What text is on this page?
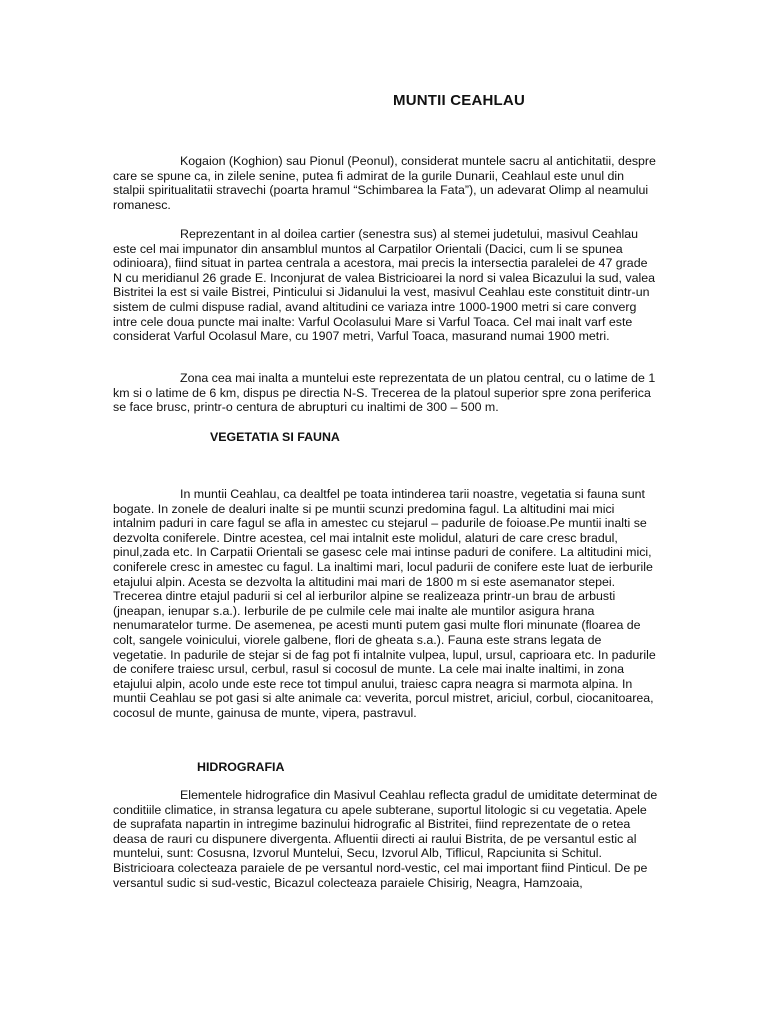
MUNTII CEAHLAU

Kogaion (Koghion) sau Pionul (Peonul), considerat muntele sacru al antichitatii, despre care se spune ca, in zilele senine, putea fi admirat de la gurile Dunarii, Ceahlaul este unul din stalpii spiritualitatii stravechi (poarta hramul “Schimbarea la Fata”), un adevarat Olimp al neamului romanesc.

Reprezentant in al doilea cartier (senestra sus) al stemei judetului, masivul Ceahlau este cel mai impunator din ansamblul muntos al Carpatilor Orientali (Dacici, cum li se spunea odinioara), fiind situat in partea centrala a acestora, mai precis la intersectia paralelei de 47 grade N cu meridianul 26 grade E. Inconjurat de valea Bistricioarei la nord si valea Bicazului la sud, valea Bistritei la est si vaile Bistrei, Pinticului si Jidanului la vest, masivul Ceahlau este constituit dintr-un sistem de culmi dispuse radial, avand altitudini ce variaza intre 1000-1900 metri si care converg intre cele doua puncte mai inalte: Varful Ocolasului Mare si Varful Toaca. Cel mai inalt varf este considerat Varful Ocolasul Mare, cu 1907 metri, Varful Toaca, masurand numai 1900 metri.

Zona cea mai inalta a muntelui este reprezentata de un platou central, cu o latime de 1 km si o latime de 6 km, dispus pe directia N-S. Trecerea de la platoul superior spre zona periferica se face brusc, printr-o centura de abrupturi cu inaltimi de 300 – 500 m.

VEGETATIA SI FAUNA

In muntii Ceahlau, ca dealtfel pe toata intinderea tarii noastre, vegetatia si fauna sunt bogate. In zonele de dealuri inalte si pe muntii scunzi predomina fagul. La altitudini mai mici intalnim paduri in care fagul se afla in amestec cu stejarul – padurile de foioase.Pe muntii inalti se dezvolta coniferele. Dintre acestea, cel mai intalnit este molidul, alaturi de care cresc bradul, pinul,zada etc. In Carpatii Orientali se gasesc cele mai intinse paduri de conifere. La altitudini mici, coniferele cresc in amestec cu fagul. La inaltimi mari, locul padurii de conifere este luat de ierburile etajului alpin. Acesta se dezvolta la altitudini mai mari de 1800 m si este asemanator stepei. Trecerea dintre etajul padurii si cel al ierburilor alpine se realizeaza printr-un brau de arbusti (jneapan, ienupar s.a.). Ierburile de pe culmile cele mai inalte ale muntilor asigura hrana nenumaratelor turme. De asemenea, pe acesti munti putem gasi multe flori minunate (floarea de colt, sangele voinicului, viorele galbene, flori de gheata s.a.). Fauna este strans legata de vegetatie. In padurile de stejar si de fag pot fi intalnite vulpea, lupul, ursul, caprioara etc. In padurile de conifere traiesc ursul, cerbul, rasul si cocosul de munte. La cele mai inalte inaltimi, in zona etajului alpin, acolo unde este rece tot timpul anului, traiesc capra neagra si marmota alpina. In muntii Ceahlau se pot gasi si alte animale ca: veverita, porcul mistret, ariciul, corbul, ciocanitoarea, cocosul de munte, gainusa de munte, vipera, pastravul.

HIDROGRAFIA

Elementele hidrografice din Masivul Ceahlau reflecta gradul de umiditate determinat de conditiile climatice, in stransa legatura cu apele subterane, suportul litologic si cu vegetatia. Apele de suprafata napartin in intregime bazinului hidrografic al Bistritei, fiind reprezentate de o retea deasa de rauri cu dispunere divergenta. Afluentii directi ai raului Bistrita, de pe versantul estic al muntelui, sunt: Cosusna, Izvorul Muntelui, Secu, Izvorul Alb, Tiflicul, Rapciunita si Schitul. Bistricioara colecteaza paraiele de pe versantul nord-vestic, cel mai important fiind Pinticul. De pe versantul sudic si sud-vestic, Bicazul colecteaza paraiele Chisirig, Neagra, Hamzoaia,
